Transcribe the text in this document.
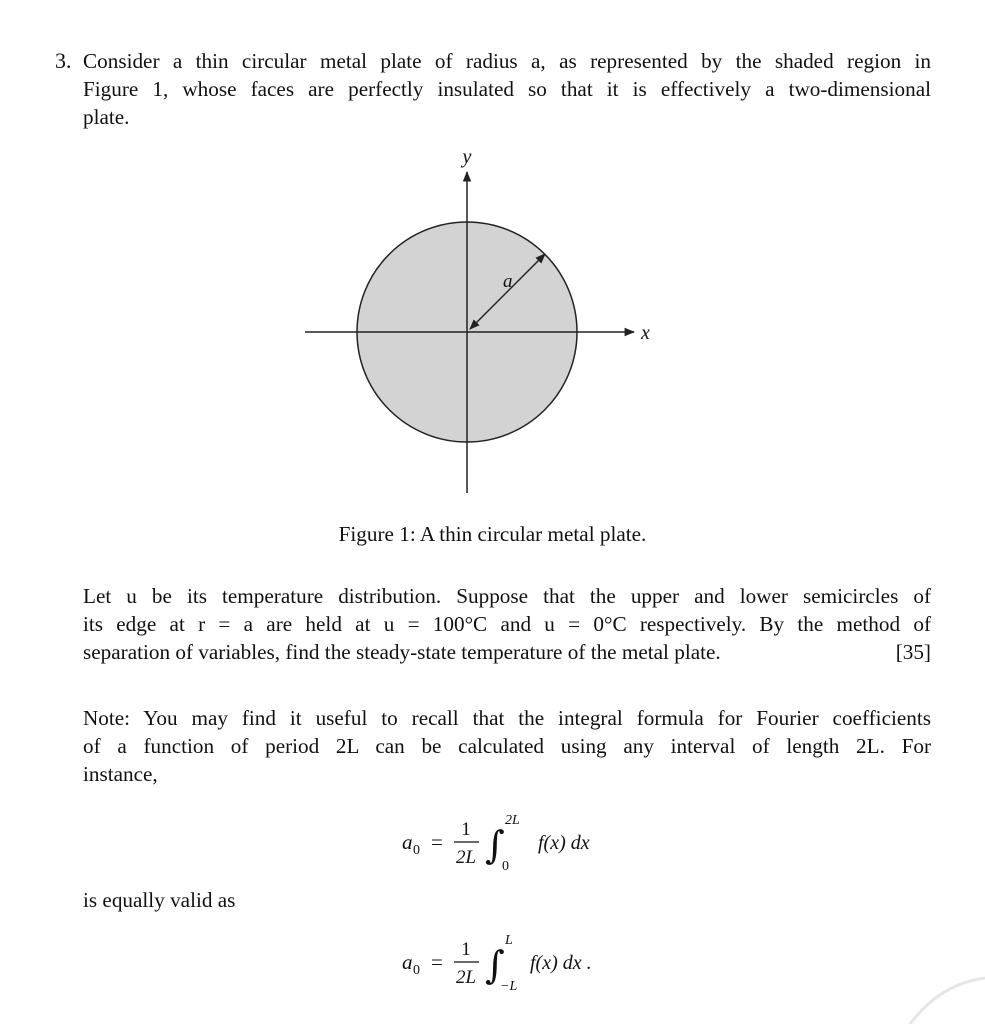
3. Consider a thin circular metal plate of radius a, as represented by the shaded region in
Figure 1, whose faces are perfectly insulated so that it is effectively a two-dimensional
plate.
y
x
a
Figure 1: A thin circular metal plate.
Let u be its temperature distribution. Suppose that the upper and lower semicircles of
its edge at r = a are held at u = 100°C and u = 0°C respectively. By the method of
separation of variables, find the steady-state temperature of the metal plate.	[35]
Note: You may find it useful to recall that the integral formula for Fourier coefficients
of a function of period 2L can be calculated using any interval of length 2L. For
instance,
a 0 =
1
2L ∫
2L
0
f(x) dx
is equally valid as
a 0 =
1
2L ∫
L
−L
f(x) dx .
